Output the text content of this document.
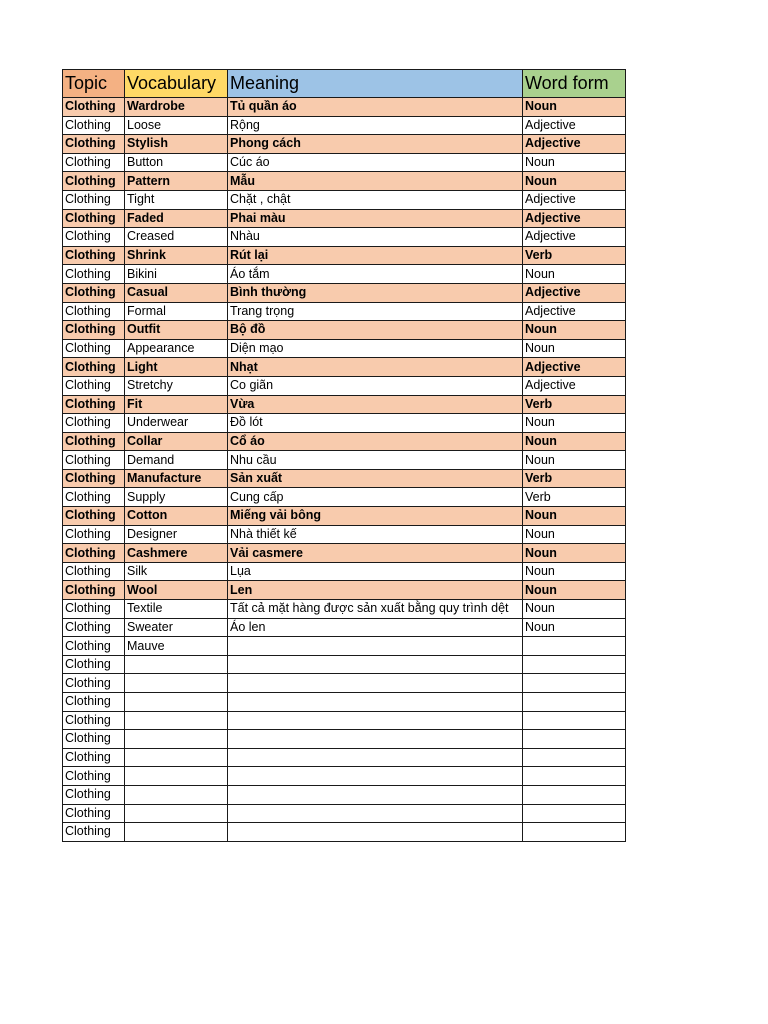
Topic	Vocabulary	Meaning	Word form
Clothing	Wardrobe	Tủ quần áo	Noun
Clothing	Loose	Rộng	Adjective
Clothing	Stylish	Phong cách	Adjective
Clothing	Button	Cúc áo	Noun
Clothing	Pattern	Mẫu	Noun
Clothing	Tight	Chặt , chật	Adjective
Clothing	Faded	Phai màu	Adjective
Clothing	Creased	Nhàu	Adjective
Clothing	Shrink	Rút lại	Verb
Clothing	Bikini	Áo tắm	Noun
Clothing	Casual	Bình thường	Adjective
Clothing	Formal	Trang trọng	Adjective
Clothing	Outfit	Bộ đồ	Noun
Clothing	Appearance	Diện mạo	Noun
Clothing	Light	Nhạt	Adjective
Clothing	Stretchy	Co giãn	Adjective
Clothing	Fit	Vừa	Verb
Clothing	Underwear	Đồ lót	Noun
Clothing	Collar	Cổ áo	Noun
Clothing	Demand	Nhu cầu	Noun
Clothing	Manufacture	Sản xuất	Verb
Clothing	Supply	Cung cấp	Verb
Clothing	Cotton	Miếng vải bông	Noun
Clothing	Designer	Nhà thiết kế	Noun
Clothing	Cashmere	Vải casmere	Noun
Clothing	Silk	Lụa	Noun
Clothing	Wool	Len	Noun
Clothing	Textile	Tất cả mặt hàng được sản xuất bằng quy trình dệt	Noun
Clothing	Sweater	Áo len	Noun
Clothing	Mauve		
Clothing			
Clothing			
Clothing			
Clothing			
Clothing			
Clothing			
Clothing			
Clothing			
Clothing			
Clothing			
